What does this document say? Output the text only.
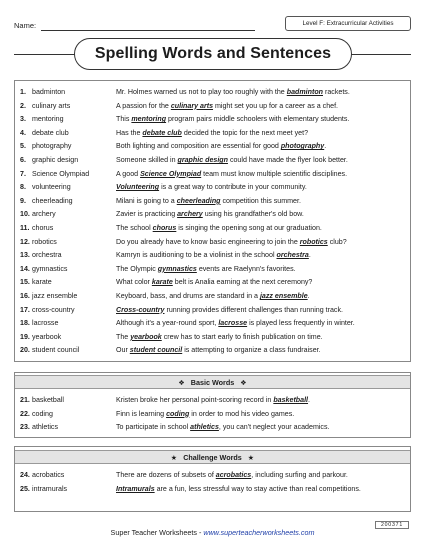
Name:	Level F: Extracurricular Activities
Spelling Words and Sentences
1. badminton	Mr. Holmes warned us not to play too roughly with the badminton rackets.
2. culinary arts	A passion for the culinary arts might set you up for a career as a chef.
3. mentoring	This mentoring program pairs middle schoolers with elementary students.
4. debate club	Has the debate club decided the topic for the next meet yet?
5. photography	Both lighting and composition are essential for good photography.
6. graphic design	Someone skilled in graphic design could have made the flyer look better.
7. Science Olympiad	A good Science Olympiad team must know multiple scientific disciplines.
8. volunteering	Volunteering is a great way to contribute in your community.
9. cheerleading	Milani is going to a cheerleading competition this summer.
10. archery	Zavier is practicing archery using his grandfather's old bow.
11. chorus	The school chorus is singing the opening song at our graduation.
12. robotics	Do you already have to know basic engineering to join the robotics club?
13. orchestra	Kamryn is auditioning to be a violinist in the school orchestra.
14. gymnastics	The Olympic gymnastics events are Raelynn's favorites.
15. karate	What color karate belt is Analia earning at the next ceremony?
16. jazz ensemble	Keyboard, bass, and drums are standard in a jazz ensemble.
17. cross-country	Cross-country running provides different challenges than running track.
18. lacrosse	Although it's a year-round sport, lacrosse is played less frequently in winter.
19. yearbook	The yearbook crew has to start early to finish publication on time.
20. student council	Our student council is attempting to organize a class fundraiser.
❖ Basic Words ❖
21. basketball	Kristen broke her personal point-scoring record in basketball.
22. coding	Finn is learning coding in order to mod his video games.
23. athletics	To participate in school athletics, you can't neglect your academics.
★ Challenge Words ★
24. acrobatics	There are dozens of subsets of acrobatics, including surfing and parkour.
25. intramurals	Intramurals are a fun, less stressful way to stay active than real competitions.
200371
Super Teacher Worksheets - www.superteacherworksheets.com
